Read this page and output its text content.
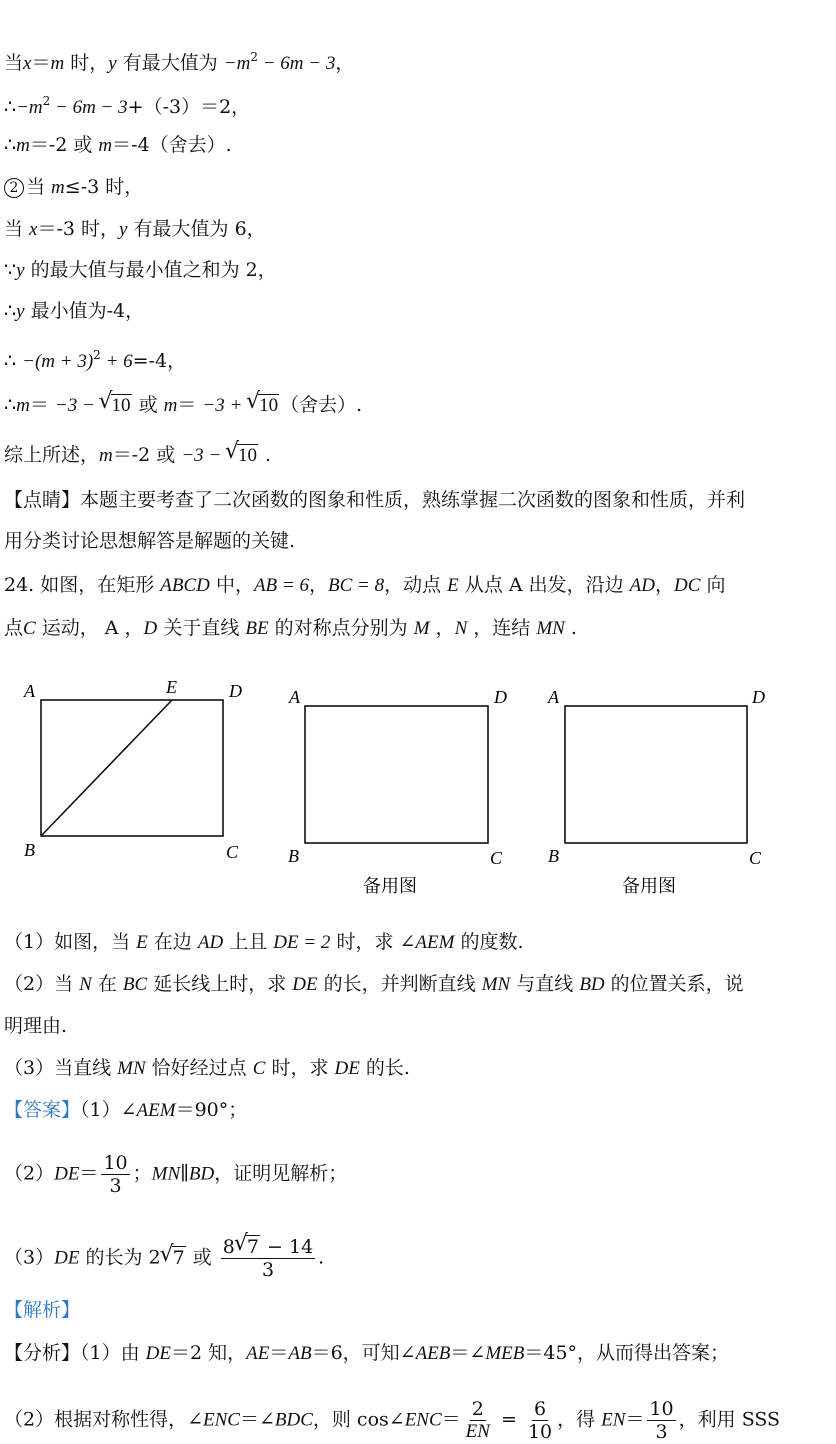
当x＝m 时，y 有最大值为 $-m^2 - 6m - 3$，
$\therefore-m^2 - 6m - 3+(-3)=2$，
∴m＝-2 或 m＝-4（舍去）.
2 当 m≤-3 时，
当 x＝-3 时，y 有最大值为 6，
∵y 的最大值与最小值之和为 2，
∴y 最小值为-4，
∴ $-(m + 3)^2 + 6=-4$，
∴m＝ −3 − √ 10 或 m＝ −3 + √ 10 （舍去）.
综上所述，m＝-2 或 −3 − √ 10 .
【点睛】本题主要考查了二次函数的图象和性质，熟练掌握二次函数的图象和性质，并利
用分类讨论思想解答是解题的关键.
24. 如图，在矩形 ABCD 中，AB = 6，BC = 8，动点 E 从点 A 出发，沿边 AD，DC 向
点C 运动， A ，D 关于直线 BE 的对称点分别为 M ，N ，连结 MN .
A	E	D
B	C
A	D
B	C
备用图
A	D
B	C
备用图
（1）如图，当 E 在边 AD 上且 DE = 2 时，求 ∠AEM 的度数.
（2）当 N 在 BC 延长线上时，求 DE 的长，并判断直线 MN 与直线 BD 的位置关系，说
明理由.
（3）当直线 MN 恰好经过点 C 时，求 DE 的长.
【答案】（1）∠AEM＝90°；
$(2)DE= \frac{10}{3}$ ；MN∥BD，证明见解析；
（3）DE 的长为 2 √ 7 或 $\frac{8 √ 7 - 14}{3}$ .
【解析】
【分析】（1）由 DE＝2 知，AE＝AB＝6，可知∠AEB＝∠MEB＝45°，从而得出答案；
（2）根据对称性得，∠ENC＝∠BDC，则 cos∠ENC＝ $\frac{2}{EN} = \frac{6}{10}$ ，得 $EN= \frac{10}{3}$ ，利用 SSS
